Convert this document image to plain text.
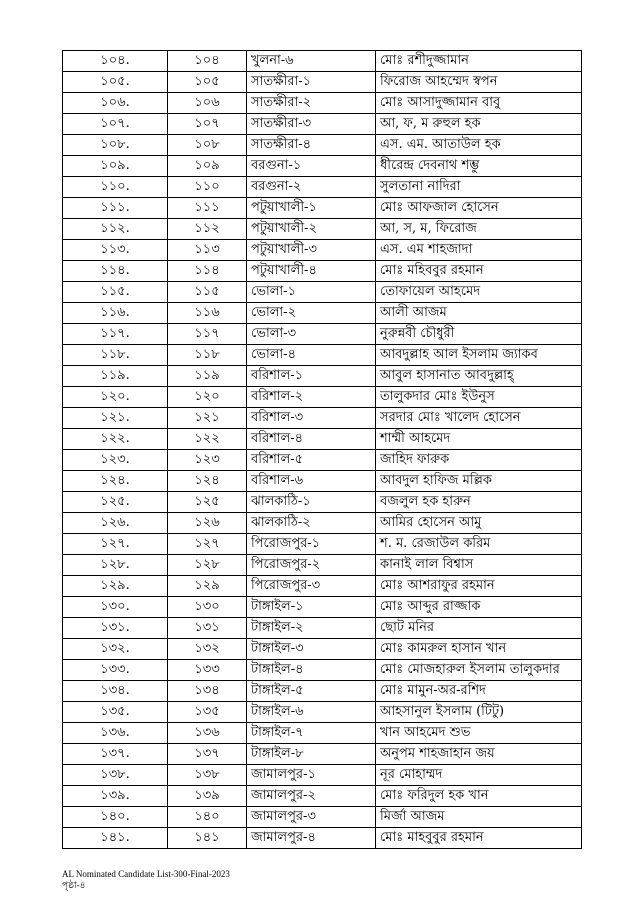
১০৪.	১০৪	খুলনা-৬	মোঃ রশীদুজ্জামান
১০৫.	১০৫	সাতক্ষীরা-১	ফিরোজ আহম্মেদ স্বপন
১০৬.	১০৬	সাতক্ষীরা-২	মোঃ আসাদুজ্জামান বাবু
১০৭.	১০৭	সাতক্ষীরা-৩	আ, ফ, ম রুহুল হক
১০৮.	১০৮	সাতক্ষীরা-৪	এস. এম. আতাউল হক
১০৯.	১০৯	বরগুনা-১	ধীরেন্দ্র দেবনাথ শম্ভু
১১০.	১১০	বরগুনা-২	সুলতানা নাদিরা
১১১.	১১১	পটুয়াখালী-১	মোঃ আফজাল হোসেন
১১২.	১১২	পটুয়াখালী-২	আ, স, ম, ফিরোজ
১১৩.	১১৩	পটুয়াখালী-৩	এস. এম শাহজাদা
১১৪.	১১৪	পটুয়াখালী-৪	মোঃ মহিববুর রহমান
১১৫.	১১৫	ভোলা-১	তোফায়েল আহমেদ
১১৬.	১১৬	ভোলা-২	আলী আজম
১১৭.	১১৭	ভোলা-৩	নুরুন্নবী চৌধুরী
১১৮.	১১৮	ভোলা-৪	আবদুল্লাহ আল ইসলাম জ্যাকব
১১৯.	১১৯	বরিশাল-১	আবুল হাসানাত আবদুল্লাহ্
১২০.	১২০	বরিশাল-২	তালুকদার মোঃ ইউনুস
১২১.	১২১	বরিশাল-৩	সরদার মোঃ খালেদ হোসেন
১২২.	১২২	বরিশাল-৪	শাম্মী আহমেদ
১২৩.	১২৩	বরিশাল-৫	জাহিদ ফারুক
১২৪.	১২৪	বরিশাল-৬	আবদুল হাফিজ মল্লিক
১২৫.	১২৫	ঝালকাঠি-১	বজলুল হক হারুন
১২৬.	১২৬	ঝালকাঠি-২	আমির হোসেন আমু
১২৭.	১২৭	পিরোজপুর-১	শ. ম. রেজাউল করিম
১২৮.	১২৮	পিরোজপুর-২	কানাই লাল বিশ্বাস
১২৯.	১২৯	পিরোজপুর-৩	মোঃ আশরাফুর রহমান
১৩০.	১৩০	টাঙ্গাইল-১	মোঃ আব্দুর রাজ্জাক
১৩১.	১৩১	টাঙ্গাইল-২	ছোট মনির
১৩২.	১৩২	টাঙ্গাইল-৩	মোঃ কামরুল হাসান খান
১৩৩.	১৩৩	টাঙ্গাইল-৪	মোঃ মোজহারুল ইসলাম তালুকদার
১৩৪.	১৩৪	টাঙ্গাইল-৫	মোঃ মামুন-অর-রশিদ
১৩৫.	১৩৫	টাঙ্গাইল-৬	আহসানুল ইসলাম (টিটু)
১৩৬.	১৩৬	টাঙ্গাইল-৭	খান আহমেদ শুভ
১৩৭.	১৩৭	টাঙ্গাইল-৮	অনুপম শাহজাহান জয়
১৩৮.	১৩৮	জামালপুর-১	নূর মোহাম্মদ
১৩৯.	১৩৯	জামালপুর-২	মোঃ ফরিদুল হক খান
১৪০.	১৪০	জামালপুর-৩	মির্জা আজম
১৪১.	১৪১	জামালপুর-৪	মোঃ মাহবুবুর রহমান
AL Nominated Candidate List-300-Final-2023
পৃষ্ঠা-৪
